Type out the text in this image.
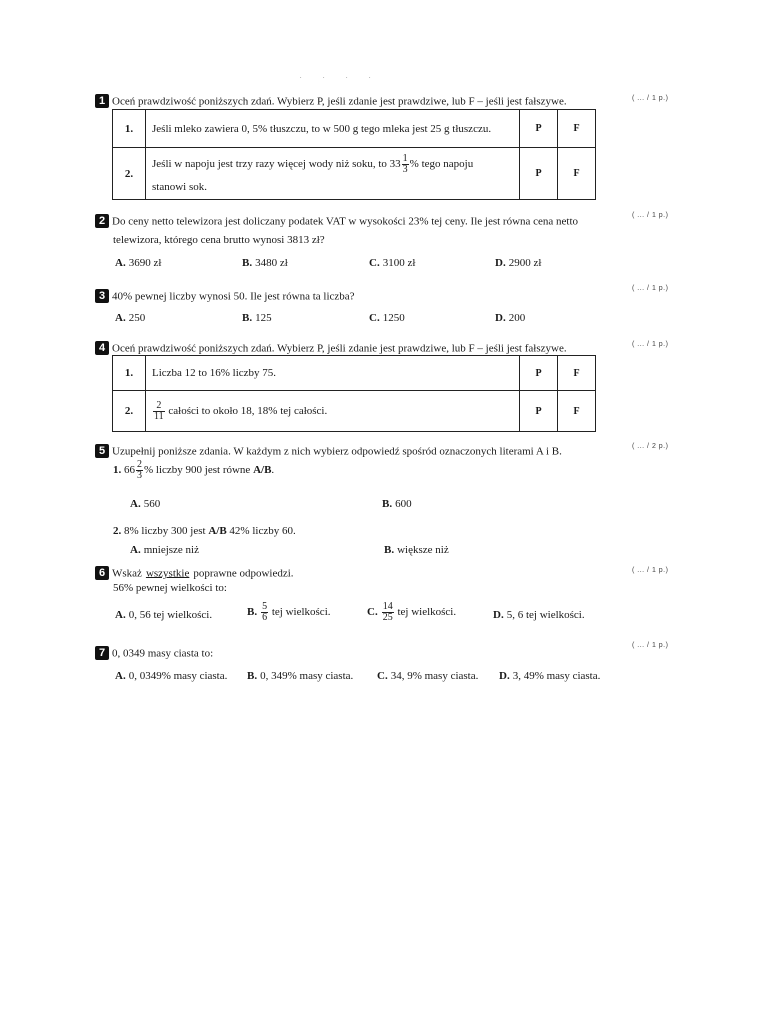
. . . .
1 Oceń prawdziwość poniższych zdań. Wybierz P, jeśli zdanie jest prawdziwe, lub F – jeśli jest fałszywe.	( ... / 1 p.)
1.	Jeśli mleko zawiera 0, 5% tłuszczu, to w 500 g tego mleka jest 25 g tłuszczu.	P	F
2.	Jeśli w napoju jest trzy razy więcej wody niż soku, to $33 \frac{1}{3}$ % tego napoju
stanowi sok.	P	F
2 Do ceny netto telewizora jest doliczany podatek VAT w wysokości 23% tej ceny. Ile jest równa cena netto	( ... / 1 p.)
telewizora, którego cena brutto wynosi 3813 zł?
A. 3690 zł	B. 3480 zł	C. 3100 zł	D. 2900 zł
3 40% pewnej liczby wynosi 50. Ile jest równa ta liczba?
( ... / 1 p.)
A. 250	B. 125	C. 1250	D. 200
4 Oceń prawdziwość poniższych zdań. Wybierz P, jeśli zdanie jest prawdziwe, lub F – jeśli jest fałszywe.	( ... / 1 p.)
1.	Liczba 12 to 16% liczby 75.	P	F
2.	$\frac{2}{11}$ całości to około 18, 18% tej całości.	P	F
5 Uzupełnij poniższe zdania. W każdym z nich wybierz odpowiedź spośród oznaczonych literami A i B.	( ... / 2 p.)
1. $66 \frac{2}{3}$ % liczby 900 jest równe A/B.
A. 560	B. 600
2. 8% liczby 300 jest A/B 42% liczby 60.
A. mniejsze niż	B. większe niż
6 Wskaż wszystkie poprawne odpowiedzi.	( ... / 1 p.)
56% pewnej wielkości to:
A. 0, 56 tej wielkości.	B. $\frac{5}{6}$ tej wielkości.	C. $\frac{14}{25}$ tej wielkości.	D. 5, 6 tej wielkości.
7 0, 0349 masy ciasta to:
( ... / 1 p.)
A. 0, 0349% masy ciasta. B. 0, 349% masy ciasta. C. 34, 9% masy ciasta. D. 3, 49% masy ciasta.
